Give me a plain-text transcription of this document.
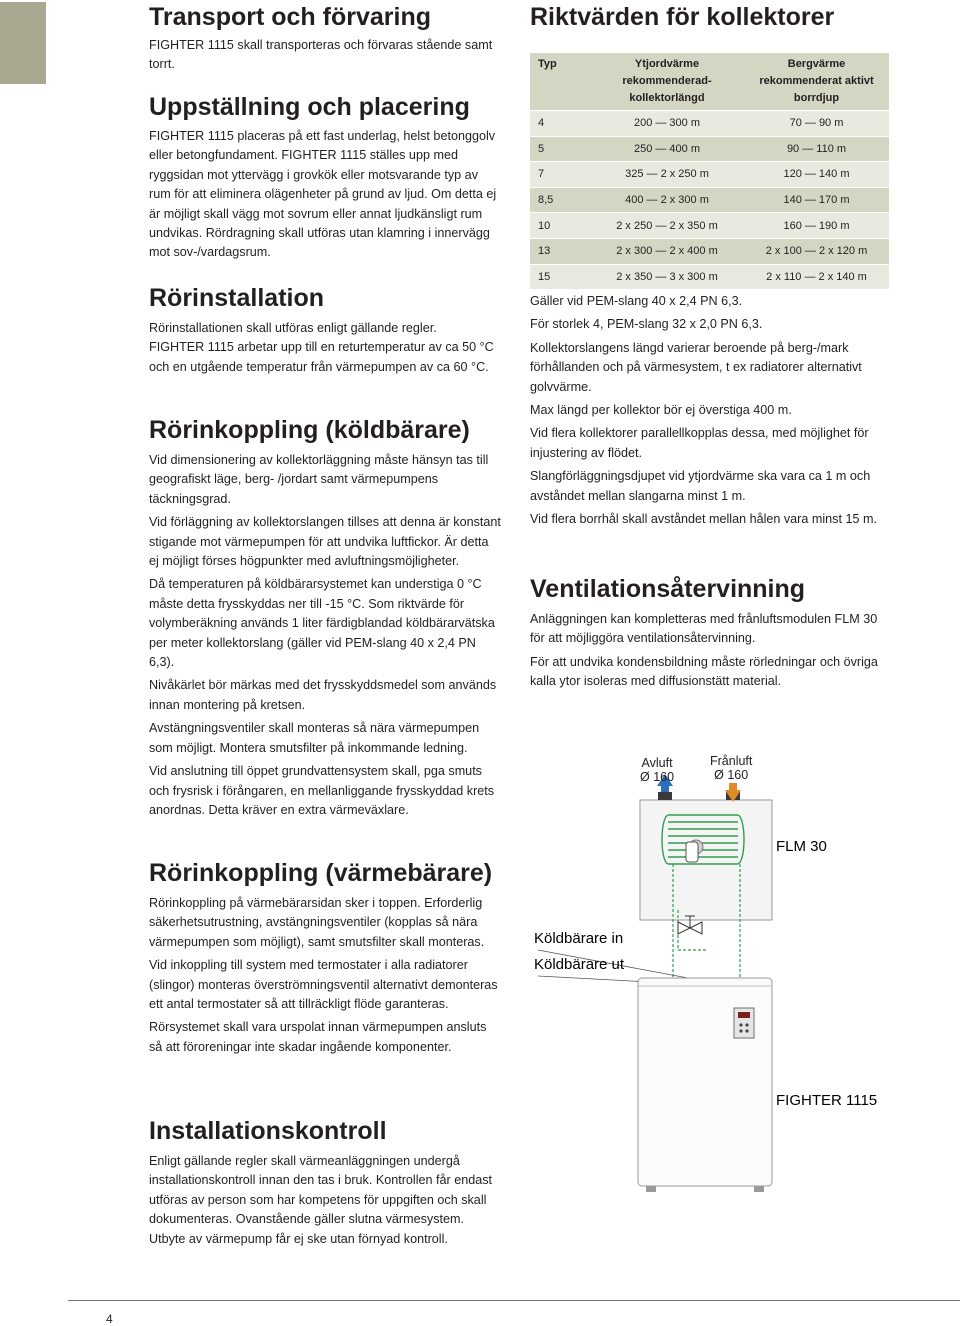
Transport och förvaring

FIGHTER 1115 skall transporteras och förvaras stående samt torrt.

Uppställning och placering

FIGHTER 1115 placeras på ett fast underlag, helst betonggolv eller betongfundament. FIGHTER 1115 ställes upp med ryggsidan mot yttervägg i grovkök eller motsvarande typ av rum för att eliminera olägenheter på grund av ljud. Om detta ej är möjligt skall vägg mot sovrum eller annat ljudkänsligt rum undvikas. Rördragning skall utföras utan klamring i innervägg mot sov-/vardagsrum.

Rörinstallation

Rörinstallationen skall utföras enligt gällande regler.

FIGHTER 1115 arbetar upp till en returtemperatur av ca 50 °C och en utgående temperatur från värmepumpen av ca 60 °C.

Rörinkoppling (köldbärare)

Vid dimensionering av kollektorläggning måste hänsyn tas till geografiskt läge, berg- /jordart samt värmepumpens täckningsgrad.

Vid förläggning av kollektorslangen tillses att denna är konstant stigande mot värmepumpen för att undvika luftfickor. Är detta ej möjligt förses högpunkter med avluftningsmöjligheter.

Då temperaturen på köldbärarsystemet kan understiga 0 °C måste detta frysskyddas ner till -15 °C. Som riktvärde för volymberäkning används 1 liter färdigblandad köldbärarvätska per meter kollektorslang (gäller vid PEM-slang 40 x 2,4 PN 6,3).

Nivåkärlet bör märkas med det frysskyddsmedel som används innan montering på kretsen.

Avstängningsventiler skall monteras så nära värmepumpen som möjligt. Montera smutsfilter på inkommande ledning.

Vid anslutning till öppet grundvattensystem skall, pga smuts och frysrisk i förångaren, en mellanliggande frysskyddad krets anordnas. Detta kräver en extra värmeväxlare.

Rörinkoppling (värmebärare)

Rörinkoppling på värmebärarsidan sker i toppen. Erforderlig säkerhetsutrustning, avstängningsventiler (kopplas så nära värmepumpen som möjligt), samt smutsfilter skall monteras.

Vid inkoppling till system med termostater i alla radiatorer (slingor) monteras överströmningsventil alternativt demonteras ett antal termostater så att tillräckligt flöde garanteras.

Rörsystemet skall vara urspolat innan värmepumpen ansluts så att föroreningar inte skadar ingående komponenter.

Installationskontroll

Enligt gällande regler skall värmeanläggningen undergå installationskontroll innan den tas i bruk. Kontrollen får endast utföras av person som har kompetens för uppgiften och skall dokumenteras. Ovanstående gäller slutna värmesystem. Utbyte av värmepump får ej ske utan förnyad kontroll.

Riktvärden för kollektorer
Typ	Ytjordvärme rekommenderad-kollektorlängd	Bergvärme rekommenderat aktivt borrdjup
4	200 — 300 m	70 — 90 m
5	250 — 400 m	90 — 110 m
7	325 — 2 x 250 m	120 — 140 m
8,5	400 — 2 x 300 m	140 — 170 m
10	2 x 250 — 2 x 350 m	160 — 190 m
13	2 x 300 — 2 x 400 m	2 x 100 — 2 x 120 m
15	2 x 350 — 3 x 300 m	2 x 110 — 2 x 140 m

Gäller vid PEM-slang 40 x 2,4 PN 6,3.

För storlek 4, PEM-slang 32 x 2,0 PN 6,3.

Kollektorslangens längd varierar beroende på berg-/mark förhållanden och på värmesystem, t ex radiatorer alternativt golvvärme.

Max längd per kollektor bör ej överstiga 400 m.

Vid flera kollektorer parallellkopplas dessa, med möjlighet för injustering av flödet.

Slangförläggningsdjupet vid ytjordvärme ska vara ca 1 m och avståndet mellan slangarna minst 1 m.

Vid flera borrhål skall avståndet mellan hålen vara minst 15 m.

Ventilationsåtervinning

Anläggningen kan kompletteras med frånluftsmodulen FLM 30 för att möjliggöra ventilationsåtervinning.

För att undvika kondensbildning måste rörledningar och övriga kalla ytor isoleras med diffusionstätt material.

Avluft
Ø 160
Frånluft
Ø 160
FLM 30
Köldbärare in
Köldbärare ut
FIGHTER 1115
4
